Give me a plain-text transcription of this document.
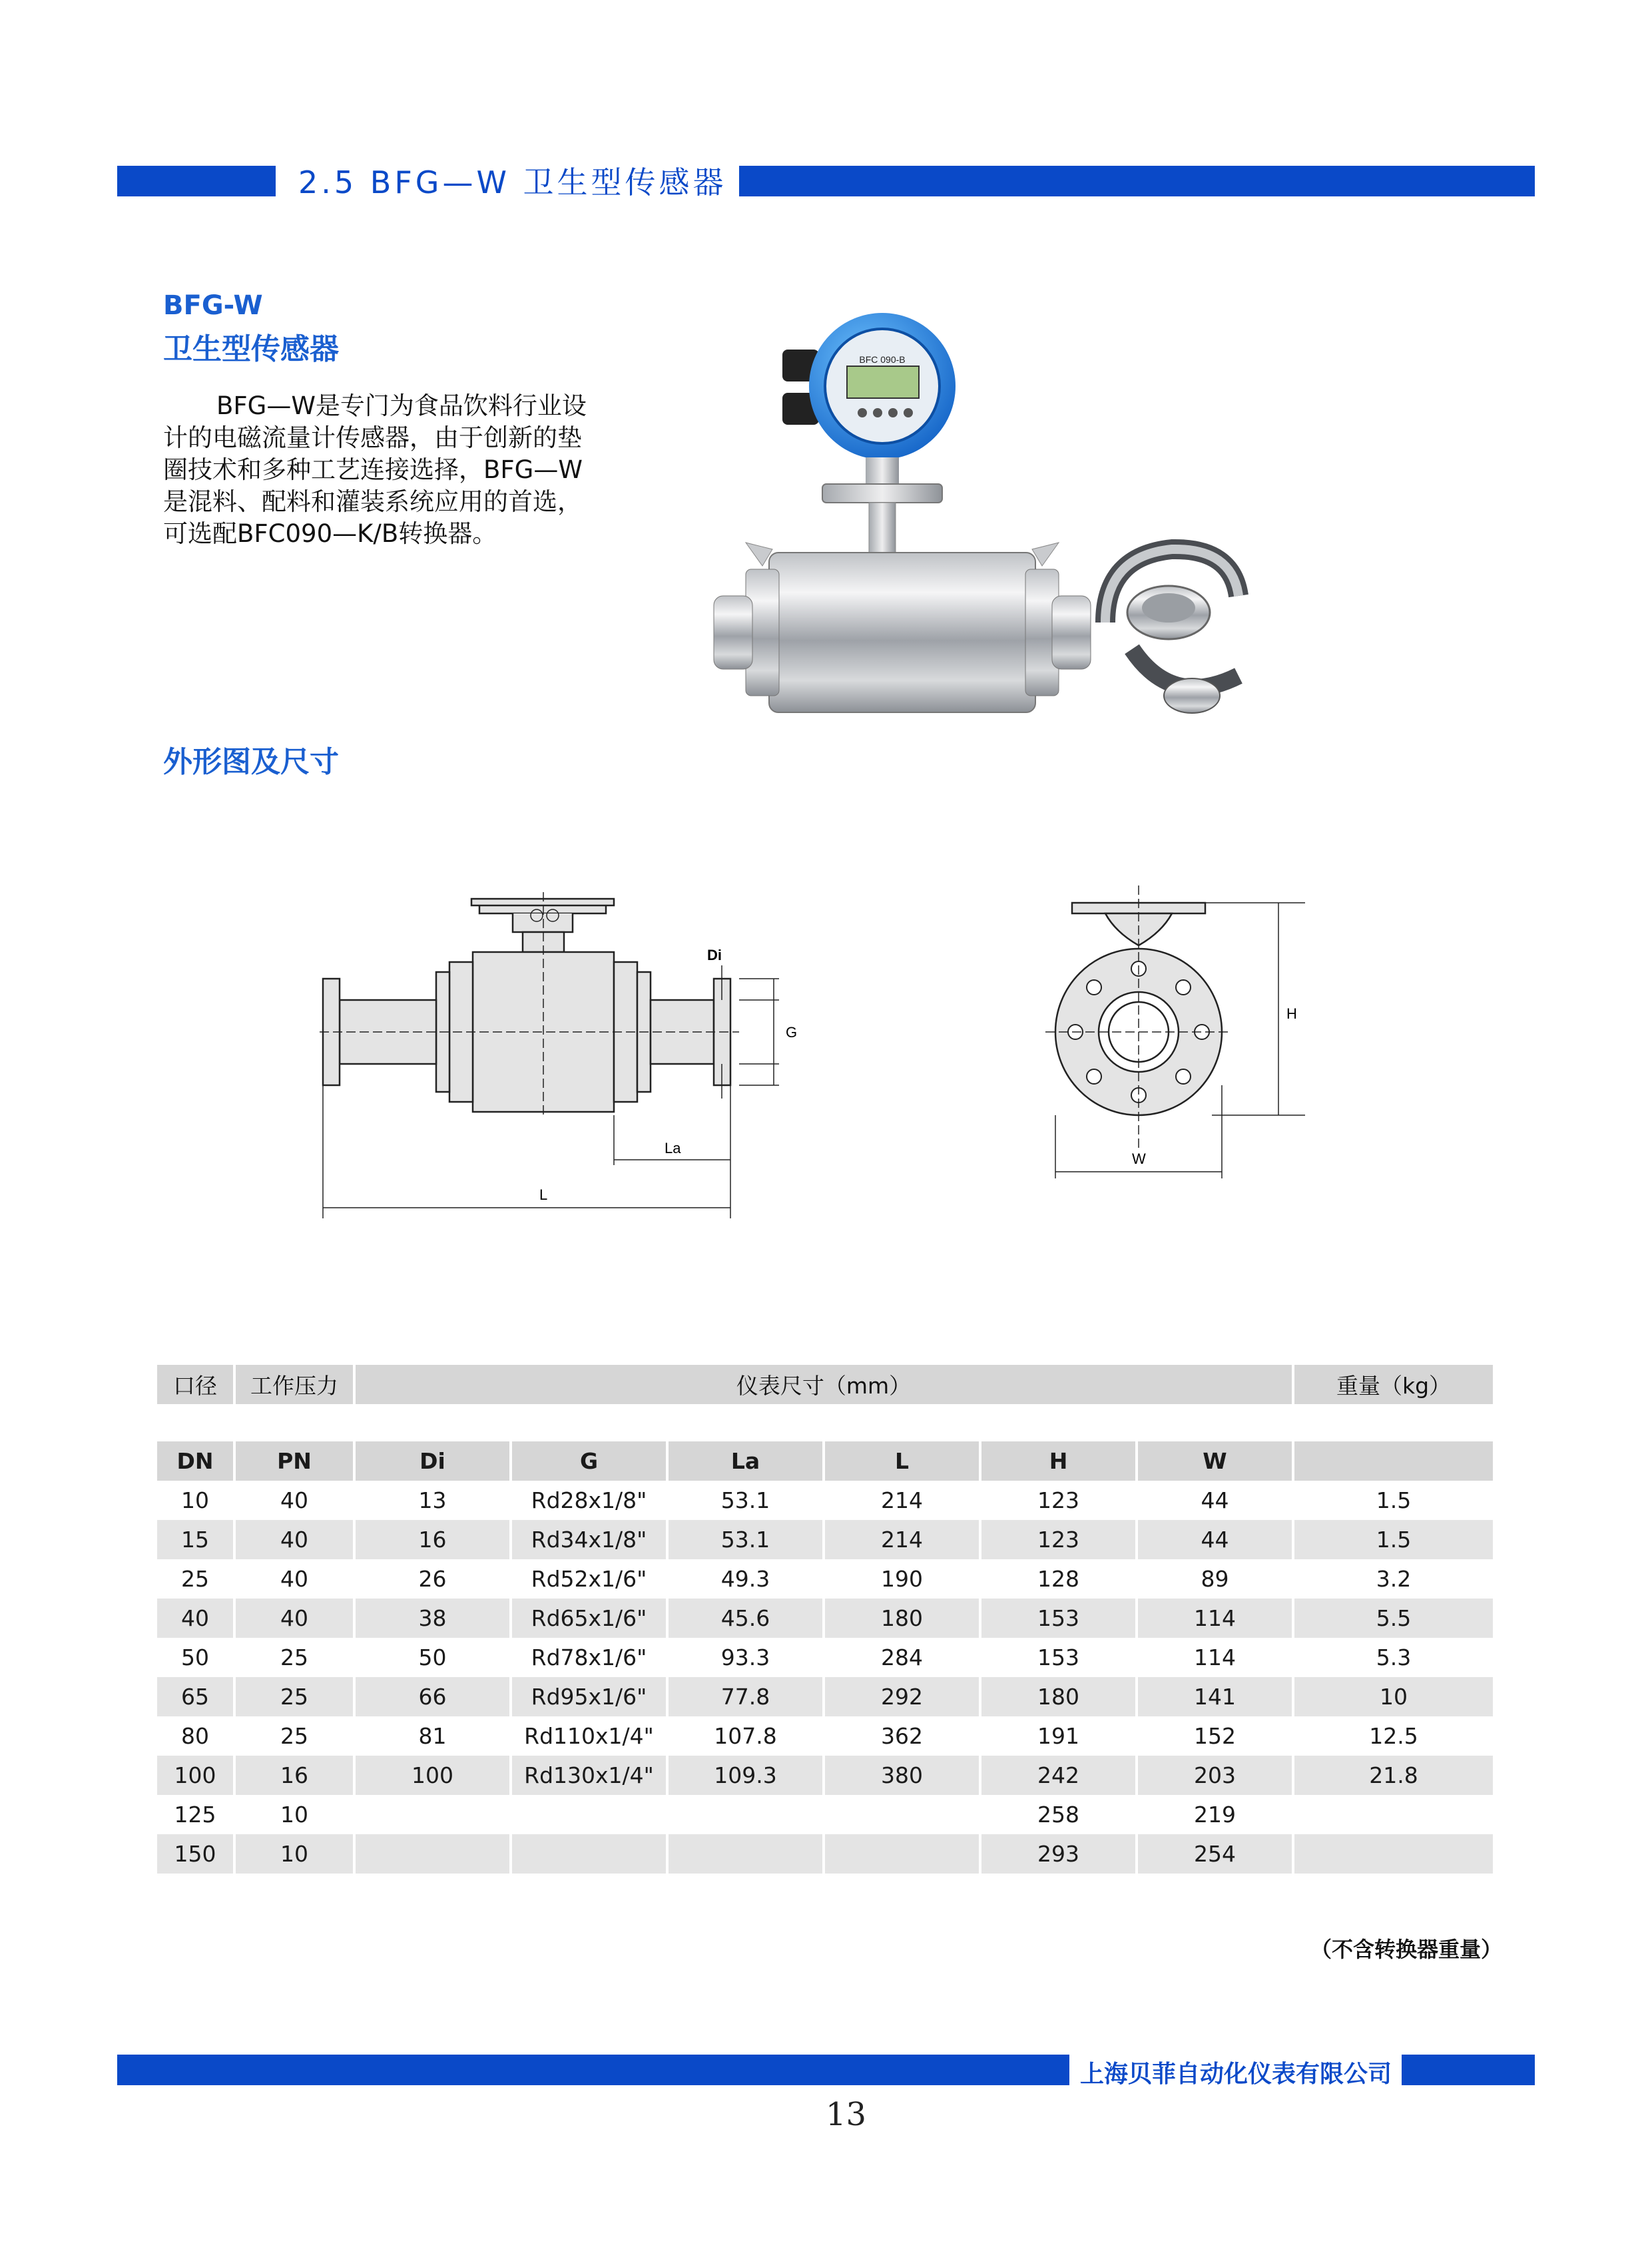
2.5 BFG—W 卫生型传感器
BFG-W
卫生型传感器

BFG—W是专门为食品饮料行业设

计的电磁流量计传感器，由于创新的垫

圈技术和多种工艺连接选择，BFG—W

是混料、配料和灌装系统应用的首选，

可选配BFC090—K/B转换器。

BFC 090-B
外形图及尺寸
Di
G
La
L
H
W
口径	工作压力	仪表尺寸（mm）						重量（kg）

DN	PN	Di	G	La	L	H	W	
10	40	13	Rd28x1/8"	53.1	214	123	44	1.5
15	40	16	Rd34x1/8"	53.1	214	123	44	1.5
25	40	26	Rd52x1/6"	49.3	190	128	89	3.2
40	40	38	Rd65x1/6"	45.6	180	153	114	5.5
50	25	50	Rd78x1/6"	93.3	284	153	114	5.3
65	25	66	Rd95x1/6"	77.8	292	180	141	10
80	25	81	Rd110x1/4"	107.8	362	191	152	12.5
100	16	100	Rd130x1/4"	109.3	380	242	203	21.8
125	10					258	219	
150	10					293	254	
（不含转换器重量）
上海贝菲自动化仪表有限公司
13
